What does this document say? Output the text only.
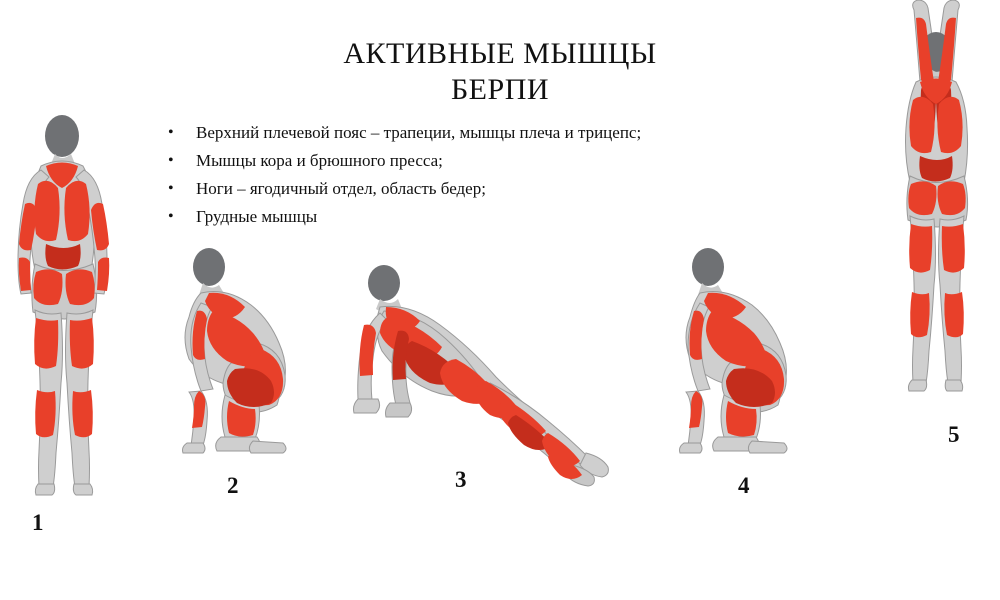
АКТИВНЫЕ МЫШЦЫ
БЕРПИ
•	Верхний плечевой пояс – трапеции, мышцы плеча и трицепс;
•	Мышцы кора и брюшного пресса;
•	Ноги – ягодичный отдел, область бедер;
•	Грудные мышцы
1
2	3	4
5
